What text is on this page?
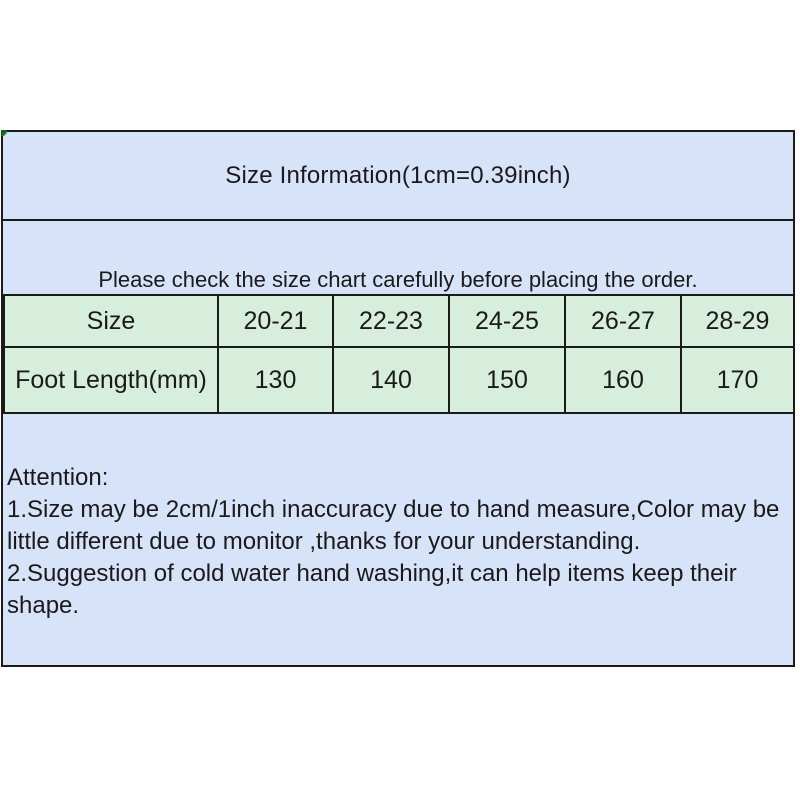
Size Information(1cm=0.39inch)
Please check the size chart carefully before placing the order.
Size	20-21	22-23	24-25	26-27	28-29
Foot Length(mm)	130	140	150	160	170
Attention:
1.Size may be 2cm/1inch inaccuracy due to hand measure,Color may be
little different due to monitor ,thanks for your understanding.
2.Suggestion of cold water hand washing,it can help items keep their
shape.
